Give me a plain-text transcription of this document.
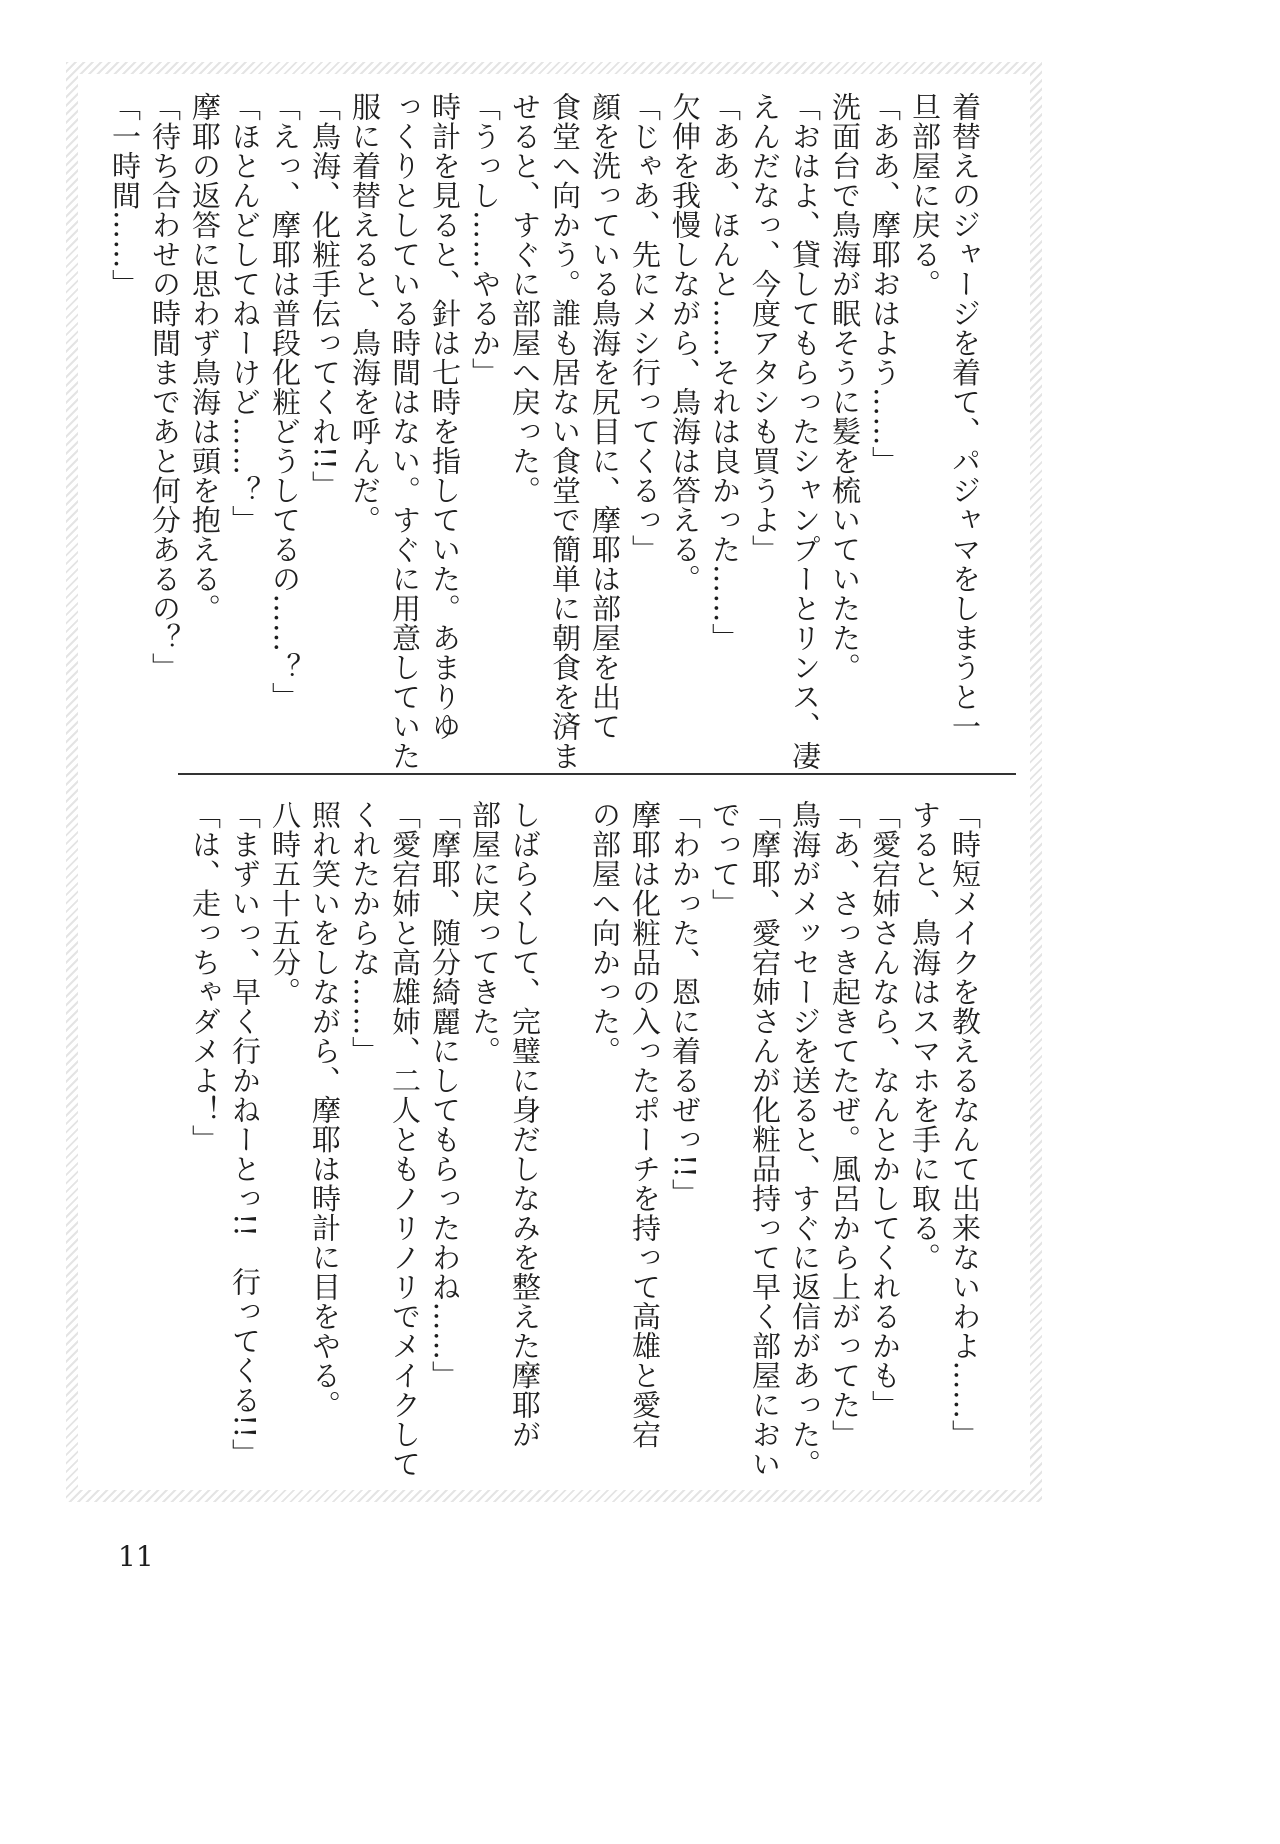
着替えのジャージを着て、パジャマをしまうと一
旦部屋に戻る。
「ああ、摩耶おはよう……」
洗面台で鳥海が眠そうに髪を梳いていたた。
「おはよ、貸してもらったシャンプーとリンス、凄
えんだなっ、今度アタシも買うよ」
「ああ、ほんと……それは良かった……」
欠伸を我慢しながら、鳥海は答える。
「じゃあ、先にメシ行ってくるっ」
顔を洗っている鳥海を尻目に、摩耶は部屋を出て
食堂へ向かう。誰も居ない食堂で簡単に朝食を済ま
せると、すぐに部屋へ戻った。
「うっし……やるか」
時計を見ると、針は七時を指していた。あまりゆ
っくりとしている時間はない。すぐに用意していた
服に着替えると、鳥海を呼んだ。
「鳥海、化粧手伝ってくれ!!」
「えっ、摩耶は普段化粧どうしてるの……？」
「ほとんどしてねーけど……？」
摩耶の返答に思わず鳥海は頭を抱える。
「待ち合わせの時間まであと何分あるの？」
「一時間……」
「時短メイクを教えるなんて出来ないわよ……」
すると、鳥海はスマホを手に取る。
「愛宕姉さんなら、なんとかしてくれるかも」
「あ、さっき起きてたぜ。風呂から上がってた」
鳥海がメッセージを送ると、すぐに返信があった。
「摩耶、愛宕姉さんが化粧品持って早く部屋におい
でって」
「わかった、恩に着るぜっ!!」
摩耶は化粧品の入ったポーチを持って高雄と愛宕
の部屋へ向かった。
しばらくして、完璧に身だしなみを整えた摩耶が
部屋に戻ってきた。
「摩耶、随分綺麗にしてもらったわね……」
「愛宕姉と高雄姉、二人ともノリノリでメイクして
くれたからな……」
照れ笑いをしながら、摩耶は時計に目をやる。
八時五十五分。
「まずいっ、早く行かねーとっ!!　行ってくる!!」
「は、走っちゃダメよ！」
11
